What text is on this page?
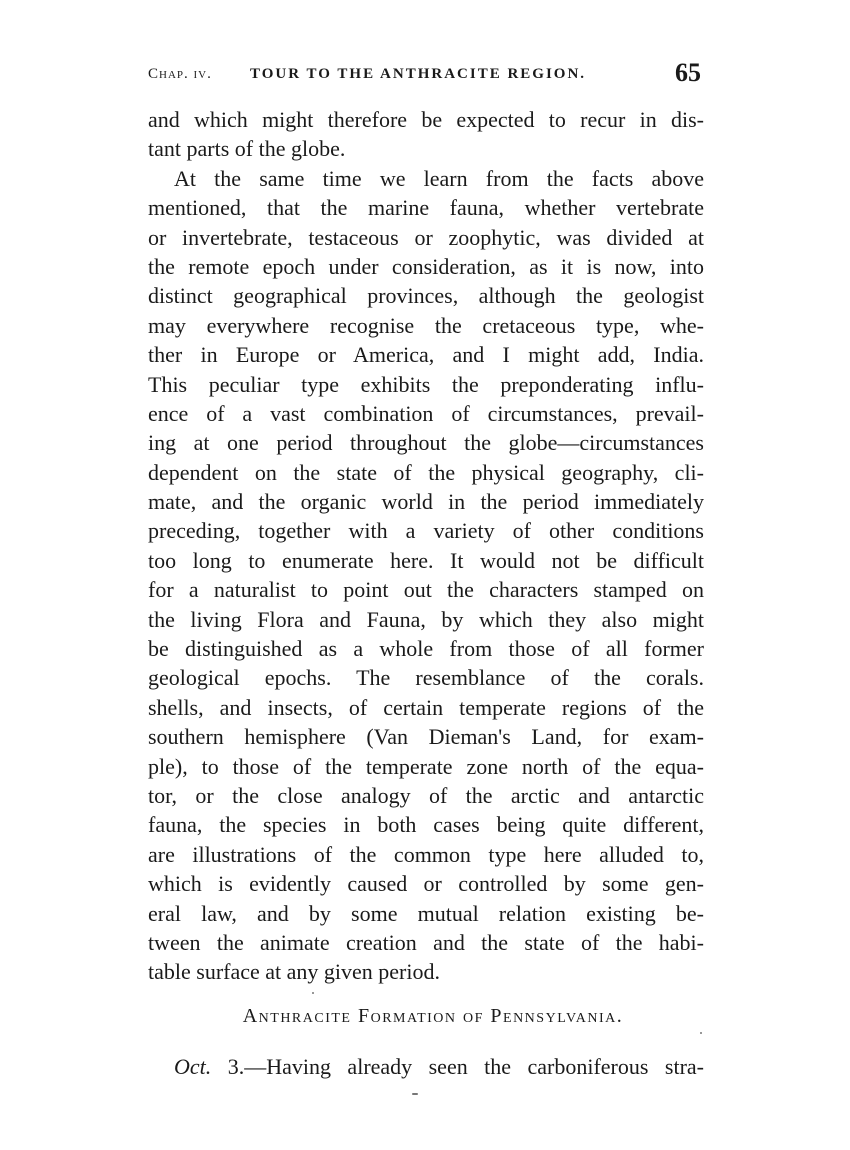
Chap. iv.	TOUR TO THE ANTHRACITE REGION.	65
and which might therefore be expected to recur in dis-
tant parts of the globe.
At the same time we learn from the facts above
mentioned, that the marine fauna, whether vertebrate
or invertebrate, testaceous or zoophytic, was divided at
the remote epoch under consideration, as it is now, into
distinct geographical provinces, although the geologist
may everywhere recognise the cretaceous type, whe-
ther in Europe or America, and I might add, India.
This peculiar type exhibits the preponderating influ-
ence of a vast combination of circumstances, prevail-
ing at one period throughout the globe—circumstances
dependent on the state of the physical geography, cli-
mate, and the organic world in the period immediately
preceding, together with a variety of other conditions
too long to enumerate here. It would not be difficult
for a naturalist to point out the characters stamped on
the living Flora and Fauna, by which they also might
be distinguished as a whole from those of all former
geological epochs. The resemblance of the corals.
shells, and insects, of certain temperate regions of the
southern hemisphere (Van Dieman's Land, for exam-
ple), to those of the temperate zone north of the equa-
tor, or the close analogy of the arctic and antarctic
fauna, the species in both cases being quite different,
are illustrations of the common type here alluded to,
which is evidently caused or controlled by some gen-
eral law, and by some mutual relation existing be-
tween the animate creation and the state of the habi-
table surface at any given period.
Anthracite Formation of Pennsylvania.
Oct. 3.—Having already seen the carboniferous stra-
